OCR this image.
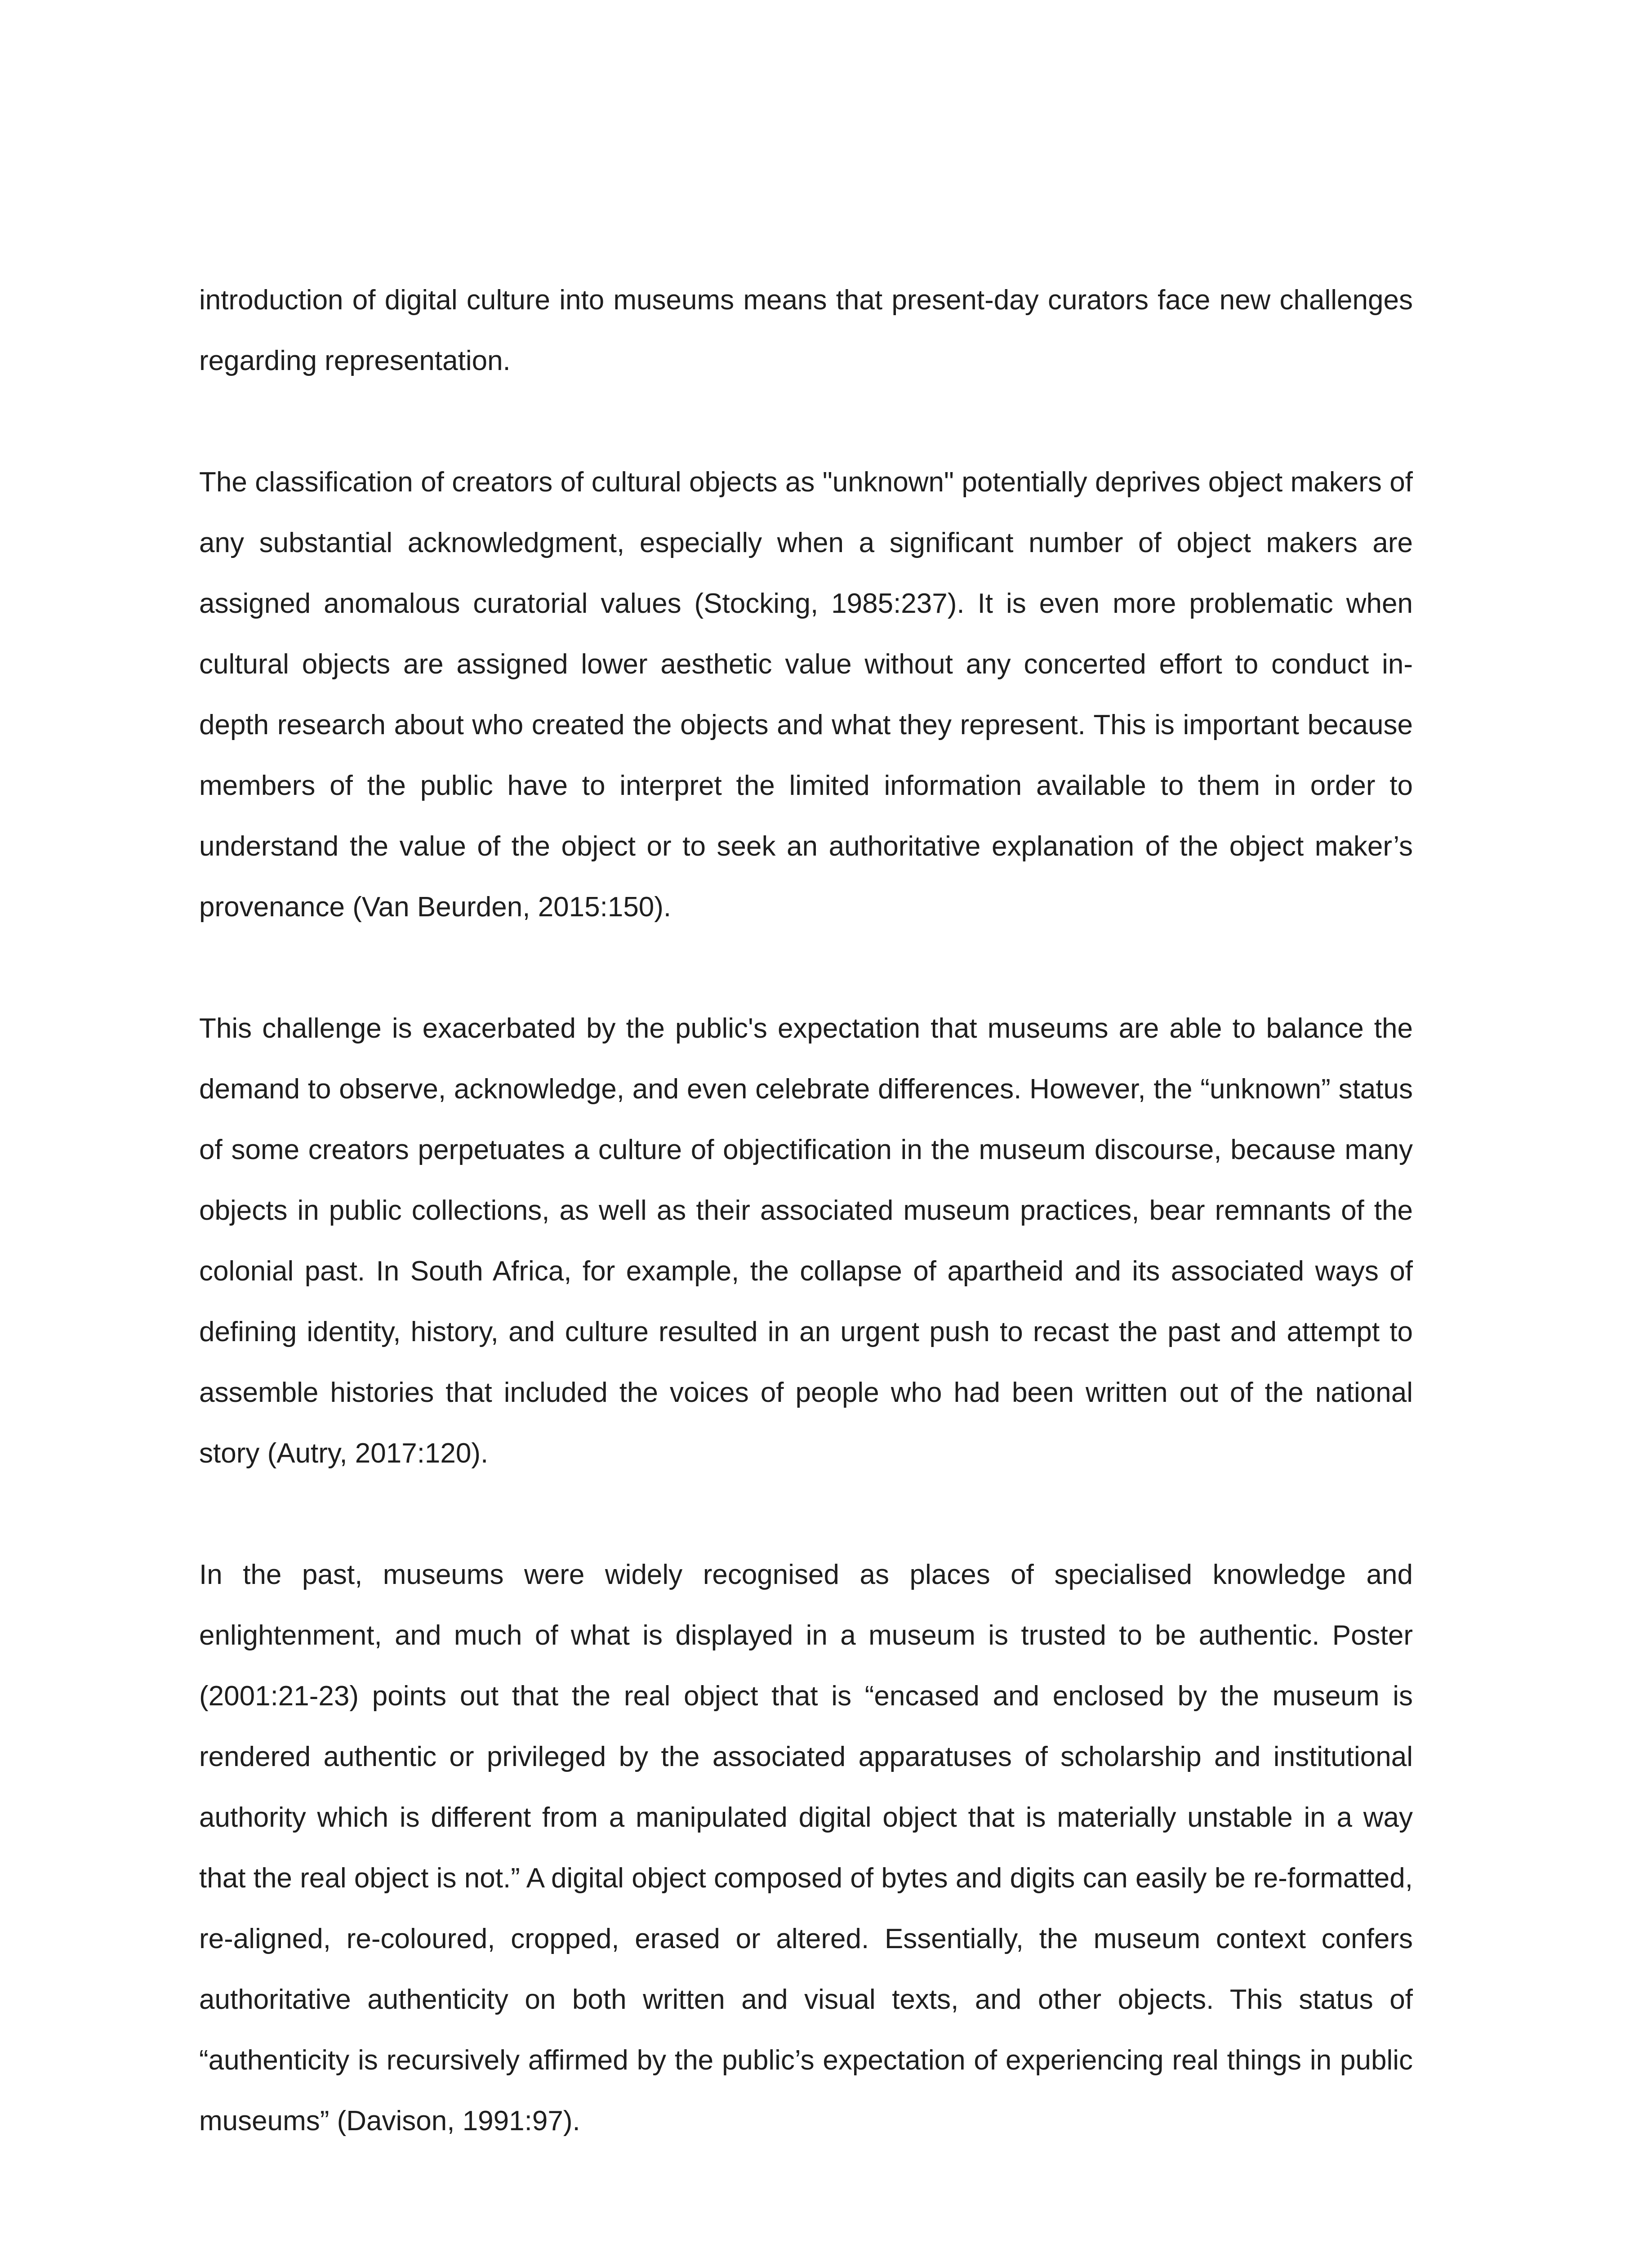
introduction of digital culture into museums means that present-day curators face new challenges regarding representation.

The classification of creators of cultural objects as "unknown" potentially deprives object makers of any substantial acknowledgment, especially when a significant number of object makers are assigned anomalous curatorial values (Stocking, 1985:237). It is even more problematic when cultural objects are assigned lower aesthetic value without any concerted effort to conduct in-depth research about who created the objects and what they represent. This is important because members of the public have to interpret the limited information available to them in order to understand the value of the object or to seek an authoritative explanation of the object maker’s provenance (Van Beurden, 2015:150).

This challenge is exacerbated by the public's expectation that museums are able to balance the demand to observe, acknowledge, and even celebrate differences. However, the “unknown” status of some creators perpetuates a culture of objectification in the museum discourse, because many objects in public collections, as well as their associated museum practices, bear remnants of the colonial past. In South Africa, for example, the collapse of apartheid and its associated ways of defining identity, history, and culture resulted in an urgent push to recast the past and attempt to assemble histories that included the voices of people who had been written out of the national story (Autry, 2017:120).

In the past, museums were widely recognised as places of specialised knowledge and enlightenment, and much of what is displayed in a museum is trusted to be authentic. Poster (2001:21-23) points out that the real object that is “encased and enclosed by the museum is rendered authentic or privileged by the associated apparatuses of scholarship and institutional authority which is different from a manipulated digital object that is materially unstable in a way that the real object is not.” A digital object composed of bytes and digits can easily be re-formatted, re-aligned, re-coloured, cropped, erased or altered. Essentially, the museum context confers authoritative authenticity on both written and visual texts, and other objects. This status of “authenticity is recursively affirmed by the public’s expectation of experiencing real things in public museums” (Davison, 1991:97).
